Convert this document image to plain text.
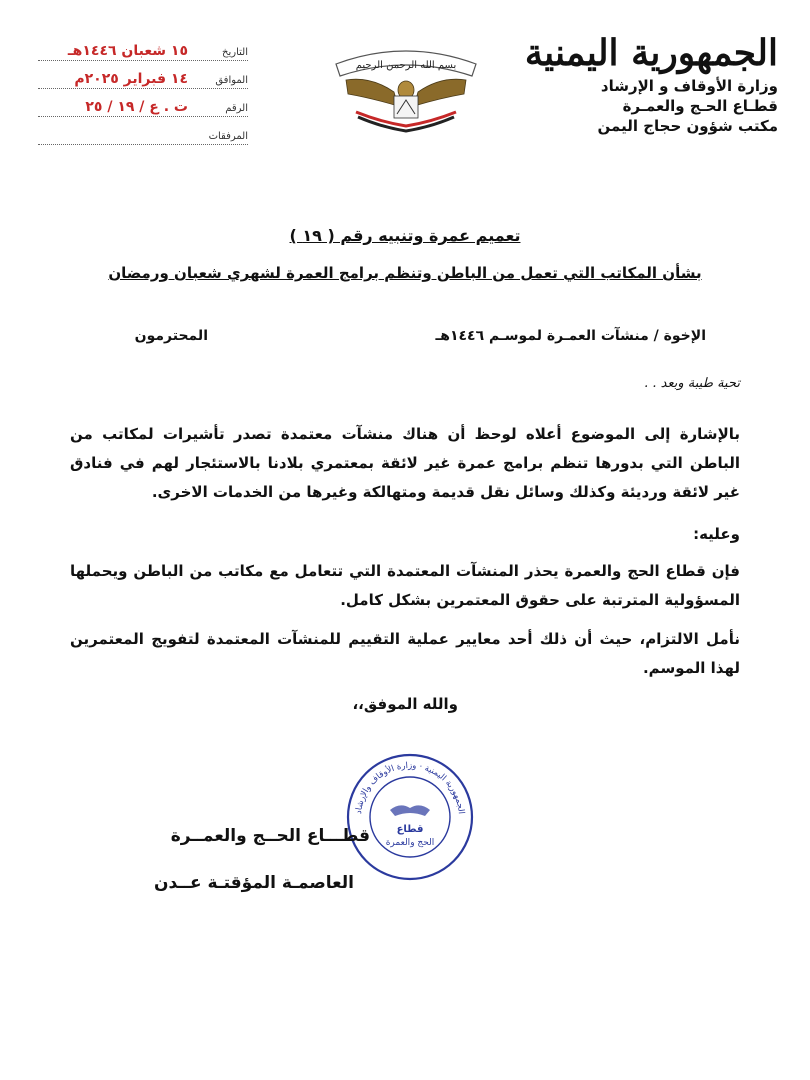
التاريخ
١٥ شعبان ١٤٤٦هـ
الموافق
١٤ فبراير ٢٠٢٥م
الرقم
ت . ع / ١٩ / ٢٥
المرفقات
بسم الله الرحمن الرحيم الجمهورية اليمنية
وزارة الأوقاف و الإرشاد
قطـاع الحـج والعمـرة
مكتب شؤون حجاج اليمن
تعميم عمرة وتنبيه رقم ( ١٩ )
بشأن المكاتب التي تعمل من الباطن وتنظم برامج العمرة لشهري شعبان ورمضان
الإخوة / منشآت العمـرة لموسـم ١٤٤٦هـ
المحترمون
تحية طيبة وبعد . .
بالإشارة إلى الموضوع أعلاه لوحظ أن هناك منشآت معتمدة تصدر تأشيرات لمكاتب من الباطن التي بدورها تنظم برامج عمرة غير لائقة بمعتمري بلادنا بالاستئجار لهم في فنادق غير لائقة ورديئة وكذلك وسائل نقل قديمة ومتهالكة وغيرها من الخدمات الاخرى.
وعليه:
فإن قطاع الحج والعمرة يحذر المنشآت المعتمدة التي تتعامل مع مكاتب من الباطن ويحملها المسؤولية المترتبة على حقوق المعتمرين بشكل كامل.
نأمل الالتزام، حيث أن ذلك أحد معايير عملية التقييم للمنشآت المعتمدة لتفويج المعتمرين لهذا الموسم.
والله الموفق،،
الجمهورية اليمنية · وزارة الأوقاف والإرشاد
قطاع
الحج والعمرة
قطـــاع الحــج والعمــرة
العاصمـة المؤقتـة عــدن
